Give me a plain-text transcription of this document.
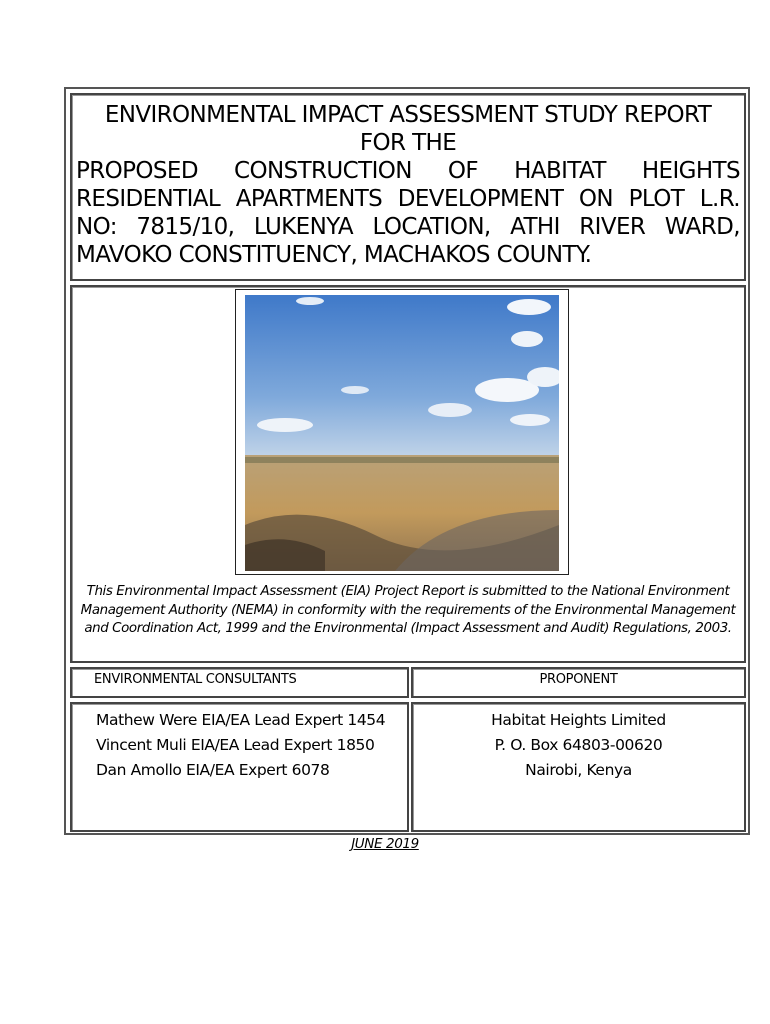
ENVIRONMENTAL IMPACT ASSESSMENT STUDY REPORT
FOR THE
PROPOSED CONSTRUCTION OF HABITAT HEIGHTS RESIDENTIAL APARTMENTS DEVELOPMENT ON PLOT L.R. NO: 7815/10, LUKENYA LOCATION, ATHI RIVER WARD, MAVOKO CONSTITUENCY, MACHAKOS COUNTY.

This Environmental Impact Assessment (EIA) Project Report is submitted to the National Environment Management Authority (NEMA) in conformity with the requirements of the Environmental Management and Coordination Act, 1999 and the Environmental (Impact Assessment and Audit) Regulations, 2003.
ENVIRONMENTAL CONSULTANTS	PROPONENT
Mathew Were EIA/EA Lead Expert 1454
Vincent Muli EIA/EA Lead Expert 1850
Dan Amollo EIA/EA Expert 6078
Habitat Heights Limited
P. O. Box 64803-00620
Nairobi, Kenya
JUNE 2019
